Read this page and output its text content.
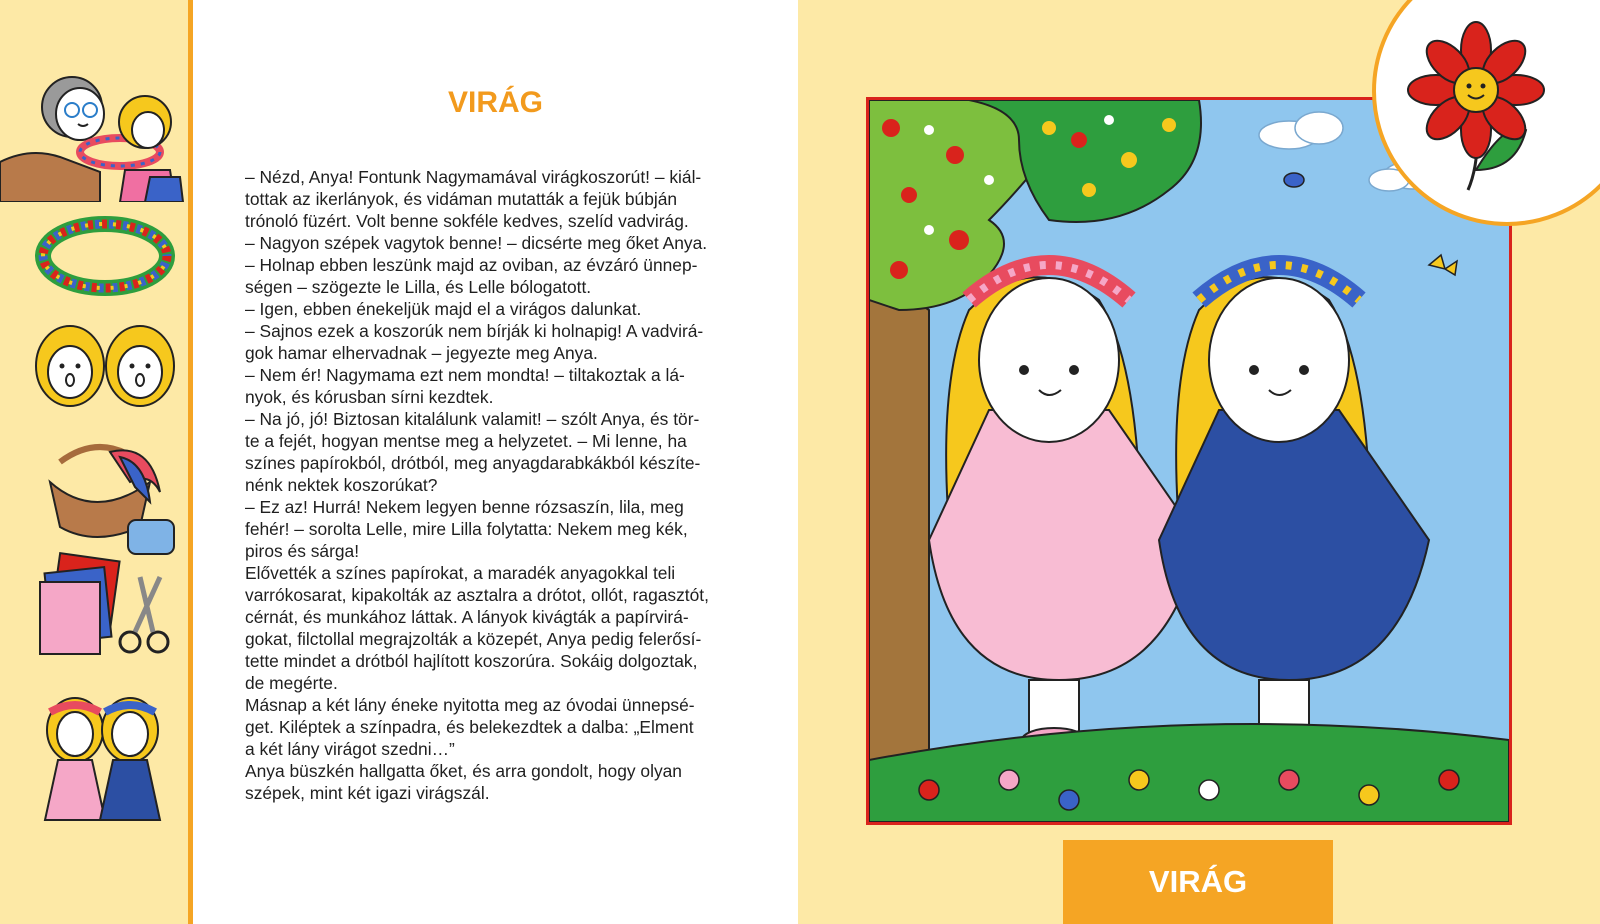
VIRÁG

– Nézd, Anya! Fontunk Nagymamával virágkoszorút! – kiál-

tottak az ikerlányok, és vidáman mutatták a fejük búbján

trónoló füzért. Volt benne sokféle kedves, szelíd vadvirág.

– Nagyon szépek vagytok benne! – dicsérte meg őket Anya.

– Holnap ebben leszünk majd az oviban, az évzáró ünnep-

ségen – szögezte le Lilla, és Lelle bólogatott.

– Igen, ebben énekeljük majd el a virágos dalunkat.

– Sajnos ezek a koszorúk nem bírják ki holnapig! A vadvirá-

gok hamar elhervadnak – jegyezte meg Anya.

– Nem ér! Nagymama ezt nem mondta! – tiltakoztak a lá-

nyok, és kórusban sírni kezdtek.

– Na jó, jó! Biztosan kitalálunk valamit! – szólt Anya, és tör-

te a fejét, hogyan mentse meg a helyzetet. – Mi lenne, ha

színes papírokból, drótból, meg anyagdarabkákból készíte-

nénk nektek koszorúkat?

– Ez az! Hurrá! Nekem legyen benne rózsaszín, lila, meg

fehér! – sorolta Lelle, mire Lilla folytatta: Nekem meg kék,

piros és sárga!

Elővették a színes papírokat, a maradék anyagokkal teli

varrókosarat, kipakolták az asztalra a drótot, ollót, ragasztót,

cérnát, és munkához láttak. A lányok kivágták a papírvirá-

gokat, filctollal megrajzolták a közepét, Anya pedig felerősí-

tette mindet a drótból hajlított koszorúra. Sokáig dolgoztak,

de megérte.

Másnap a két lány éneke nyitotta meg az óvodai ünnepsé-

get. Kiléptek a színpadra, és belekezdtek a dalba: „Elment

a két lány virágot szedni…”

Anya büszkén hallgatta őket, és arra gondolt, hogy olyan

szépek, mint két igazi virágszál.

VIRÁG
